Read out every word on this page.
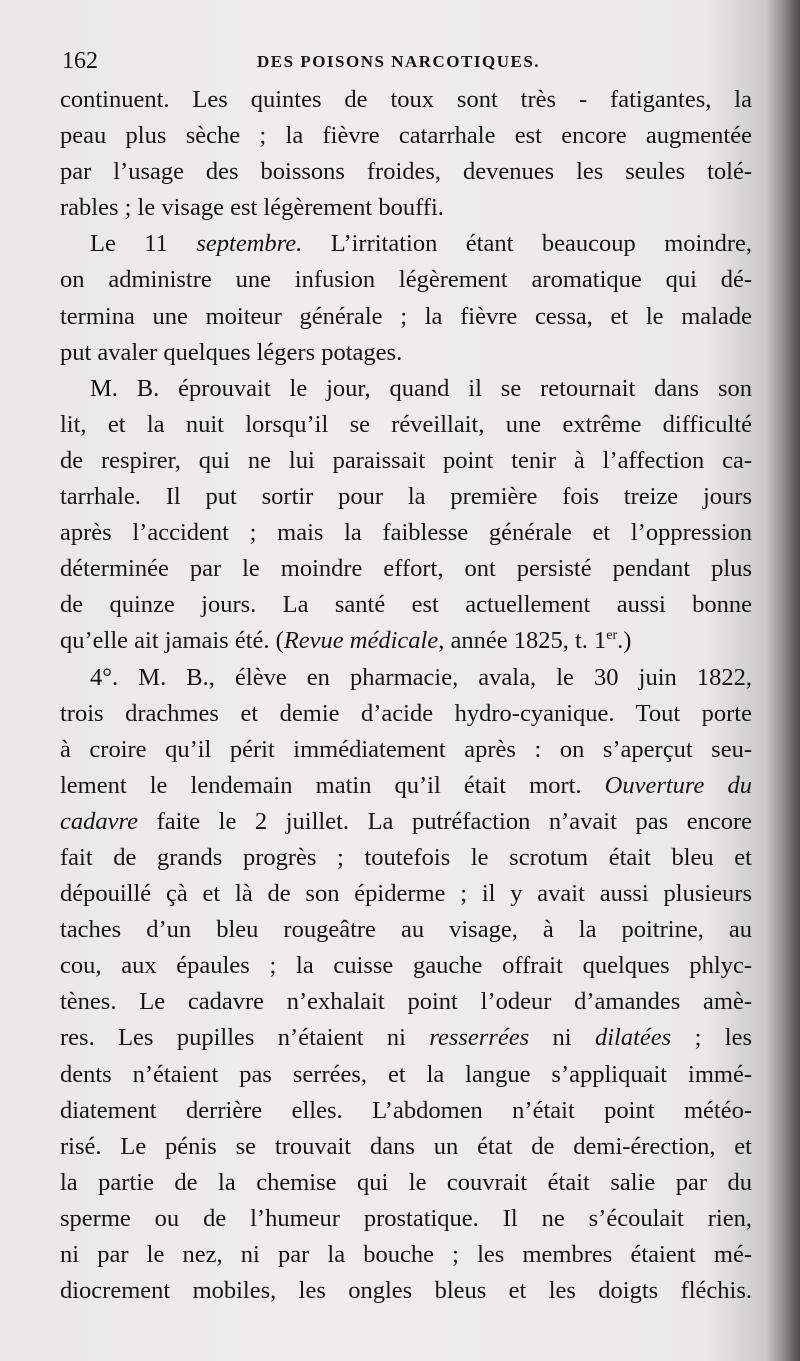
162	DES POISONS NARCOTIQUES.
continuent. Les quintes de toux sont très - fatigantes, la
peau plus sèche ; la fièvre catarrhale est encore augmentée
par l’usage des boissons froides, devenues les seules tolé-
rables ; le visage est légèrement bouffi.
Le 11 septembre. L’irritation étant beaucoup moindre,
on administre une infusion légèrement aromatique qui dé-
termina une moiteur générale ; la fièvre cessa, et le malade
put avaler quelques légers potages.
M. B. éprouvait le jour, quand il se retournait dans son
lit, et la nuit lorsqu’il se réveillait, une extrême difficulté
de respirer, qui ne lui paraissait point tenir à l’affection ca-
tarrhale. Il put sortir pour la première fois treize jours
après l’accident ; mais la faiblesse générale et l’oppression
déterminée par le moindre effort, ont persisté pendant plus
de quinze jours. La santé est actuellement aussi bonne
qu’elle ait jamais été. (Revue médicale, année 1825, t. 1er.)
4°. M. B., élève en pharmacie, avala, le 30 juin 1822,
trois drachmes et demie d’acide hydro-cyanique. Tout porte
à croire qu’il périt immédiatement après : on s’aperçut seu-
lement le lendemain matin qu’il était mort. Ouverture du
cadavre faite le 2 juillet. La putréfaction n’avait pas encore
fait de grands progrès ; toutefois le scrotum était bleu et
dépouillé çà et là de son épiderme ; il y avait aussi plusieurs
taches d’un bleu rougeâtre au visage, à la poitrine, au
cou, aux épaules ; la cuisse gauche offrait quelques phlyc-
tènes. Le cadavre n’exhalait point l’odeur d’amandes amè-
res. Les pupilles n’étaient ni resserrées ni dilatées ; les
dents n’étaient pas serrées, et la langue s’appliquait immé-
diatement derrière elles. L’abdomen n’était point météo-
risé. Le pénis se trouvait dans un état de demi-érection, et
la partie de la chemise qui le couvrait était salie par du
sperme ou de l’humeur prostatique. Il ne s’écoulait rien,
ni par le nez, ni par la bouche ; les membres étaient mé-
diocrement mobiles, les ongles bleus et les doigts fléchis.
